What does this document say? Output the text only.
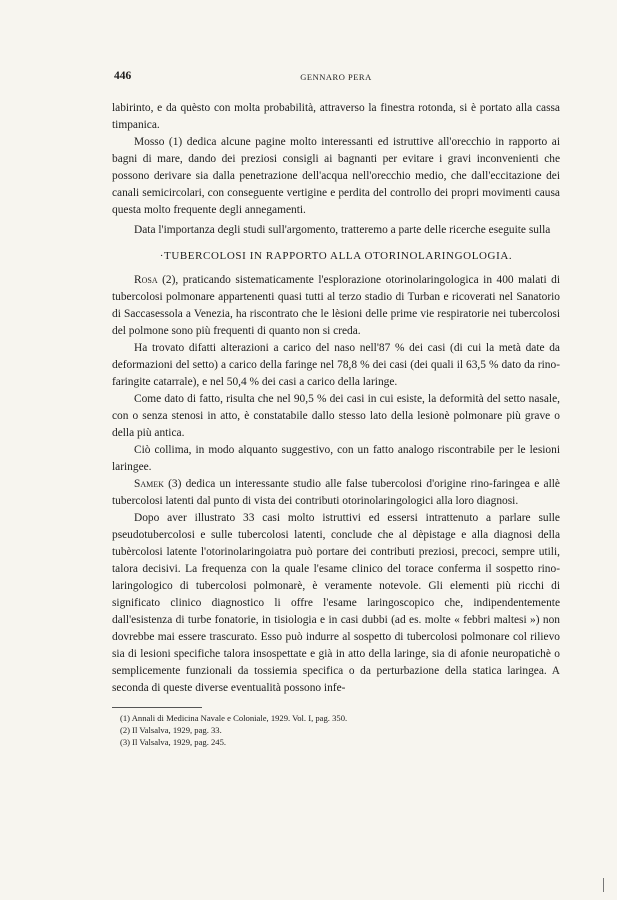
446	GENNARO PERA

labirinto, e da quèsto con molta probabilità, attraverso la finestra rotonda, si è portato alla cassa timpanica.

Mosso (1) dedica alcune pagine molto interessanti ed istruttive all'orecchio in rapporto ai bagni di mare, dando dei preziosi consigli ai bagnanti per evitare i gravi inconvenienti che possono derivare sia dalla penetrazione dell'acqua nell'orecchio medio, che dall'eccitazione dei canali semicircolari, con conseguente vertigine e perdita del controllo dei propri movimenti causa questa molto frequente degli annegamenti.

Data l'importanza degli studi sull'argomento, tratteremo a parte delle ricerche eseguite sulla

·TUBERCOLOSI IN RAPPORTO ALLA OTORINOLARINGOLOGIA.

Rosa (2), praticando sistematicamente l'esplorazione otorinolaringologica in 400 malati di tubercolosi polmonare appartenenti quasi tutti al terzo stadio di Turban e ricoverati nel Sanatorio di Saccasessola a Venezia, ha riscontrato che le lèsioni delle prime vie respiratorie nei tubercolosi del polmone sono più frequenti di quanto non si creda.

Ha trovato difatti alterazioni a carico del naso nell'87 % dei casi (di cui la metà date da deformazioni del setto) a carico della faringe nel 78,8 % dei casi (dei quali il 63,5 % dato da rino-faringite catarrale), e nel 50,4 % dei casi a carico della laringe.

Come dato di fatto, risulta che nel 90,5 % dei casi in cui esiste, la deformità del setto nasale, con o senza stenosi in atto, è constatabile dallo stesso lato della lesionè polmonare più grave o della più antica.

Ciò collima, in modo alquanto suggestivo, con un fatto analogo riscontrabile per le lesioni laringee.

Samek (3) dedica un interessante studio alle false tubercolosi d'origine rino-faringea e allè tubercolosi latenti dal punto di vista dei contributi otorinolaringologici alla loro diagnosi.

Dopo aver illustrato 33 casi molto istruttivi ed essersi intrattenuto a parlare sulle pseudotubercolosi e sulle tubercolosi latenti, conclude che al dèpistage e alla diagnosi della tubèrcolosi latente l'otorinolaringoiatra può portare dei contributi preziosi, precoci, sempre utili, talora decisivi. La frequenza con la quale l'esame clinico del torace conferma il sospetto rino-laringologico di tubercolosi polmonarè, è veramente notevole. Gli elementi più ricchi di significato clinico diagnostico li offre l'esame laringoscopico che, indipendentemente dall'esistenza di turbe fonatorie, in tisiologia e in casi dubbi (ad es. molte « febbri maltesi ») non dovrebbe mai essere trascurato. Esso può indurre al sospetto di tubercolosi polmonare col rilievo sia di lesioni specifiche talora insospettate e già in atto della laringe, sia di afonie neuropatichè o semplicemente funzionali da tossiemia specifica o da perturbazione della statica laringea. A seconda di queste diverse eventualità possono infe-

(1) Annali di Medicina Navale e Coloniale, 1929. Vol. I, pag. 350.

(2) Il Valsalva, 1929, pag. 33.

(3) Il Valsalva, 1929, pag. 245.
